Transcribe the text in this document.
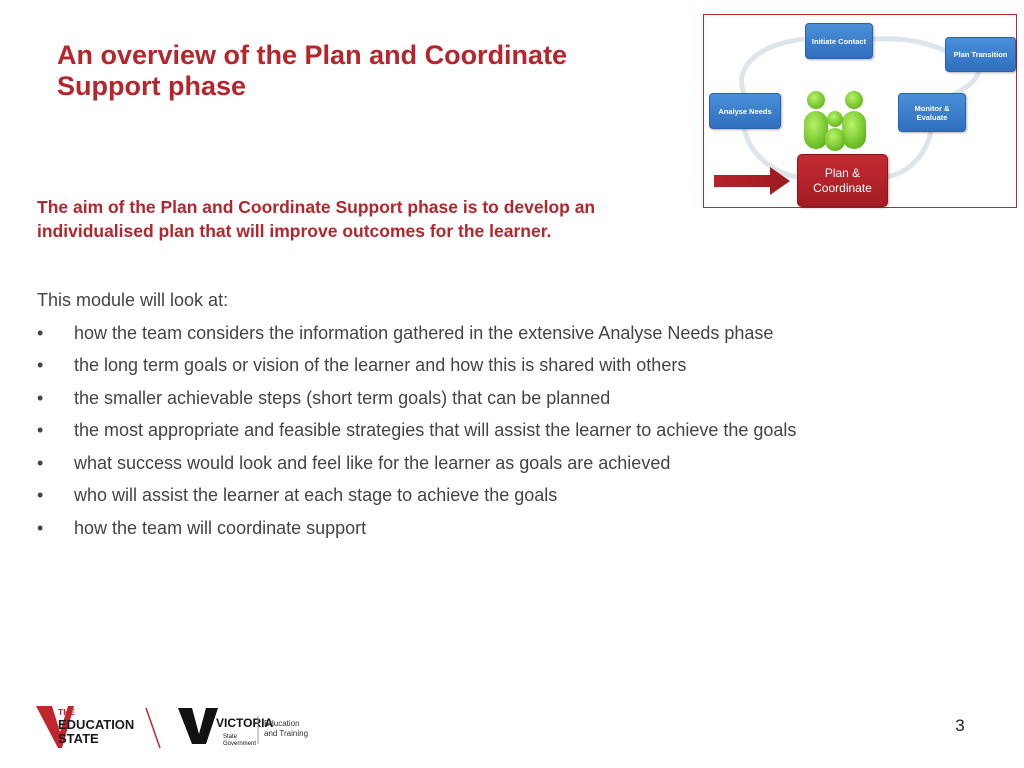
An overview of the Plan and Coordinate
Support phase
Initiate Contact
Plan Transition
Analyse Needs	Monitor &
Evaluate
Plan &
Coordinate
The aim of the Plan and Coordinate Support phase is to develop an
individualised plan that will improve outcomes for the learner.
This module will look at:
• how the team considers the information gathered in the extensive Analyse Needs phase
• the long term goals or vision of the learner and how this is shared with others
• the smaller achievable steps (short term goals) that can be planned
• the most appropriate and feasible strategies that will assist the learner to achieve the goals
• what success would look and feel like for the learner as goals are achieved
• who will assist the learner at each stage to achieve the goals
• how the team will coordinate support
THE
EDUCATION
STATE
VICTORIA
State
Government
Education
and Training	3
